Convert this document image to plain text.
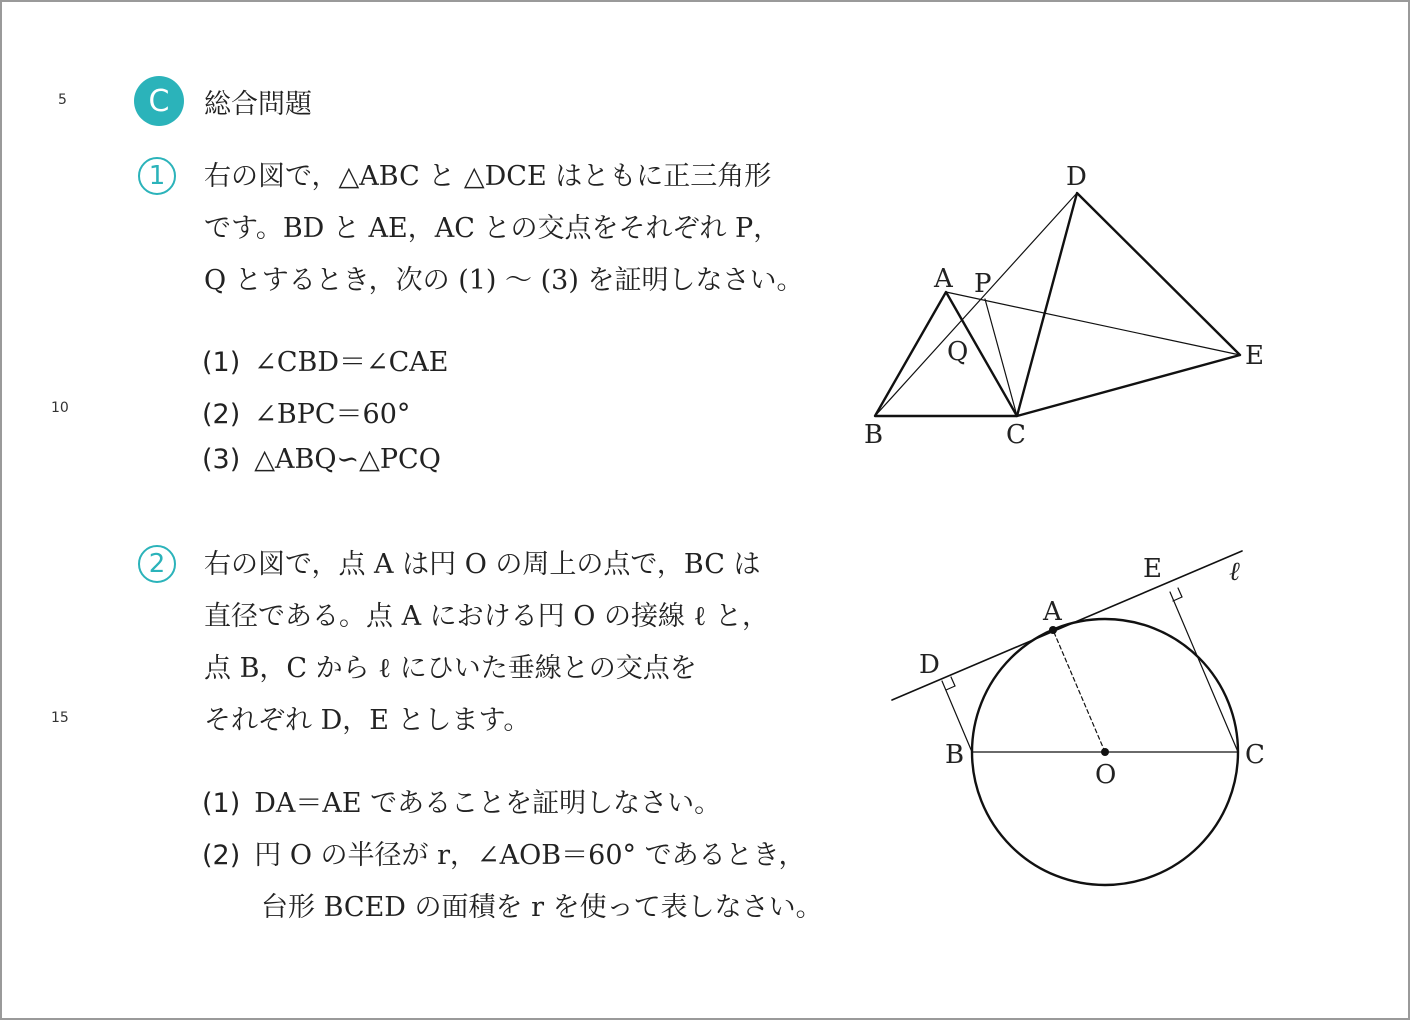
5
10
15
C	総合問題
1	右の図で，△ABC と △DCE はともに正三角形
です。BD と AE，AC との交点をそれぞれ P，
Q とするとき，次の (1) ～ (3) を証明しなさい。
(1) ∠CBD＝∠CAE
(2) ∠BPC＝60°
(3) △ABQ∽△PCQ
A P
Q
D
E
B	C
2	右の図で，点 A は円 O の周上の点で，BC は
直径である。点 A における円 O の接線 ℓ と，
点 B，C から ℓ にひいた垂線との交点を
それぞれ D，E とします。
(1) DA＝AE であることを証明しなさい。
(2) 円 O の半径が r，∠AOB＝60° であるとき，
台形 BCED の面積を r を使って表しなさい。
A
D
E
B	C
O
ℓ
